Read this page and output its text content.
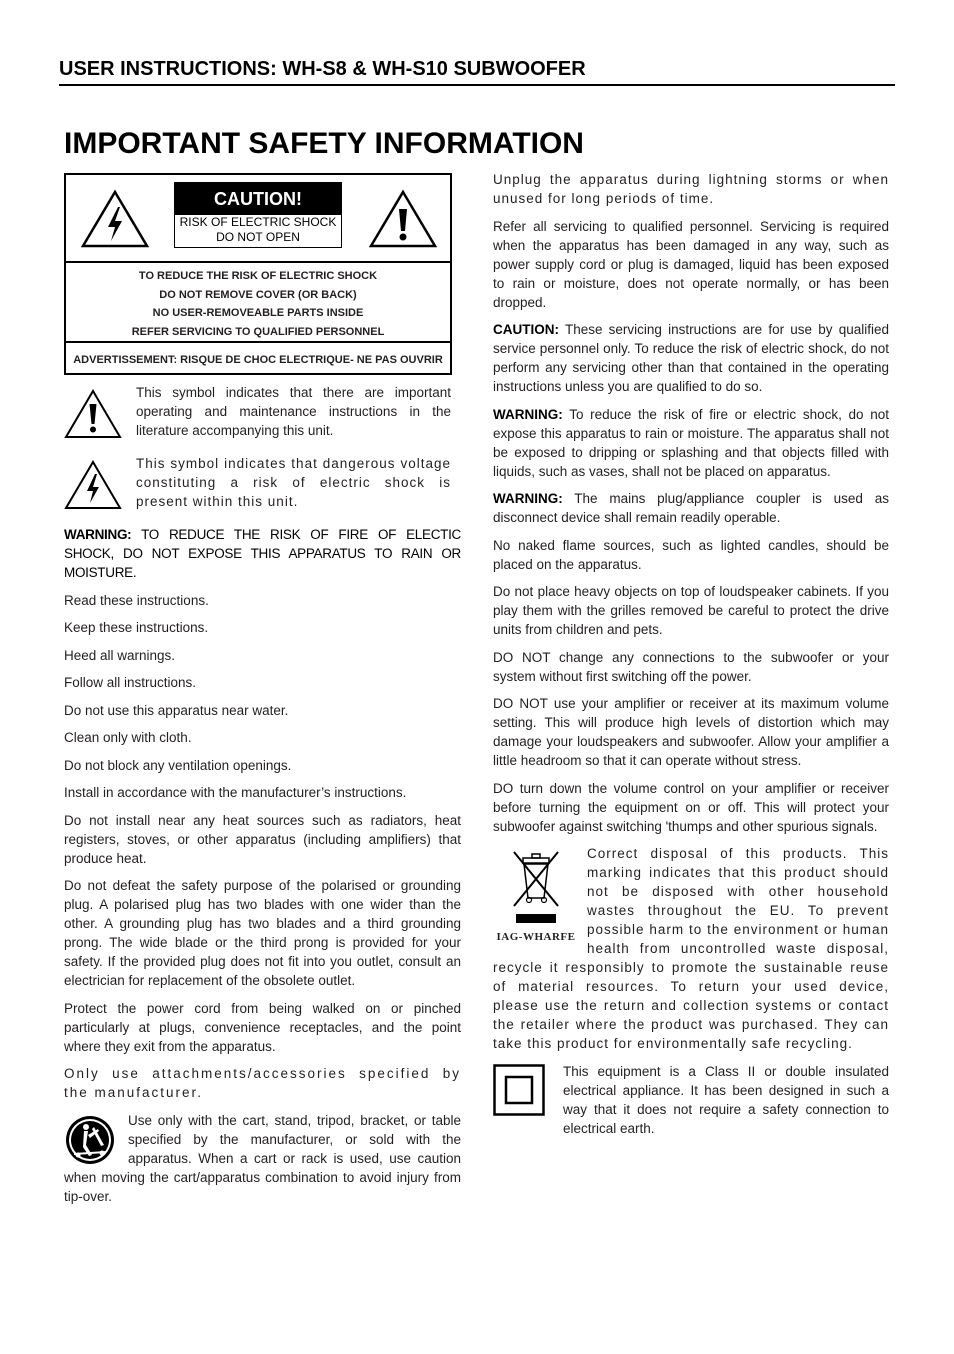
USER INSTRUCTIONS: WH-S8 & WH-S10 SUBWOOFER
IMPORTANT SAFETY INFORMATION
CAUTION!
RISK OF ELECTRIC SHOCK
DO NOT OPEN
TO REDUCE THE RISK OF ELECTRIC SHOCK
DO NOT REMOVE COVER (OR BACK)
NO USER-REMOVEABLE PARTS INSIDE
REFER SERVICING TO QUALIFIED PERSONNEL
ADVERTISSEMENT: RISQUE DE CHOC ELECTRIQUE- NE PAS OUVRIR
This symbol indicates that there are important operating and maintenance instructions in the literature accompanying this unit.
This symbol indicates that dangerous voltage constituting a risk of electric shock is present within this unit.

WARNING: TO REDUCE THE RISK OF FIRE OF ELECTIC SHOCK, DO NOT EXPOSE THIS APPARATUS TO RAIN OR MOISTURE.

Read these instructions.

Keep these instructions.

Heed all warnings.

Follow all instructions.

Do not use this apparatus near water.

Clean only with cloth.

Do not block any ventilation openings.

Install in accordance with the manufacturer’s instructions.

Do not install near any heat sources such as radiators, heat registers, stoves, or other apparatus (including amplifiers) that produce heat.

Do not defeat the safety purpose of the polarised or grounding plug. A polarised plug has two blades with one wider than the other. A grounding plug has two blades and a third grounding prong. The wide blade or the third prong is provided for your safety. If the provided plug does not fit into you outlet, consult an electrician for replacement of the obsolete outlet.

Protect the power cord from being walked on or pinched particularly at plugs, convenience receptacles, and the point where they exit from the apparatus.

Only use attachments/accessories specified by the manufacturer.

Use only with the cart, stand, tripod, bracket, or table specified by the manufacturer, or sold with the apparatus. When a cart or rack is used, use caution when moving the cart/apparatus combination to avoid injury from tip-over.

Unplug the apparatus during lightning storms or when unused for long periods of time.

Refer all servicing to qualified personnel. Servicing is required when the apparatus has been damaged in any way, such as power supply cord or plug is damaged, liquid has been exposed to rain or moisture, does not operate normally, or has been dropped.

CAUTION: These servicing instructions are for use by qualified service personnel only. To reduce the risk of electric shock, do not perform any servicing other than that contained in the operating instructions unless you are qualified to do so.

WARNING: To reduce the risk of fire or electric shock, do not expose this apparatus to rain or moisture. The apparatus shall not be exposed to dripping or splashing and that objects filled with liquids, such as vases, shall not be placed on apparatus.

WARNING: The mains plug/appliance coupler is used as disconnect device shall remain readily operable.

No naked flame sources, such as lighted candles, should be placed on the apparatus.

Do not place heavy objects on top of loudspeaker cabinets. If you play them with the grilles removed be careful to protect the drive units from children and pets.

DO NOT change any connections to the subwoofer or your system without first switching off the power.

DO NOT use your amplifier or receiver at its maximum volume setting. This will produce high levels of distortion which may damage your loudspeakers and subwoofer. Allow your amplifier a little headroom so that it can operate without stress.

DO turn down the volume control on your amplifier or receiver before turning the equipment on or off. This will protect your subwoofer against switching 'thumps and other spurious signals.

IAG-WHARFE

Correct disposal of this products. This marking indicates that this product should not be disposed with other household wastes throughout the EU. To prevent possible harm to the environment or human health from uncontrolled waste disposal, recycle it responsibly to promote the sustainable reuse of material resources. To return your used device, please use the return and collection systems or contact the retailer where the product was purchased. They can take this product for environmentally safe recycling.

This equipment is a Class II or double insulated electrical appliance. It has been designed in such a way that it does not require a safety connection to electrical earth.
